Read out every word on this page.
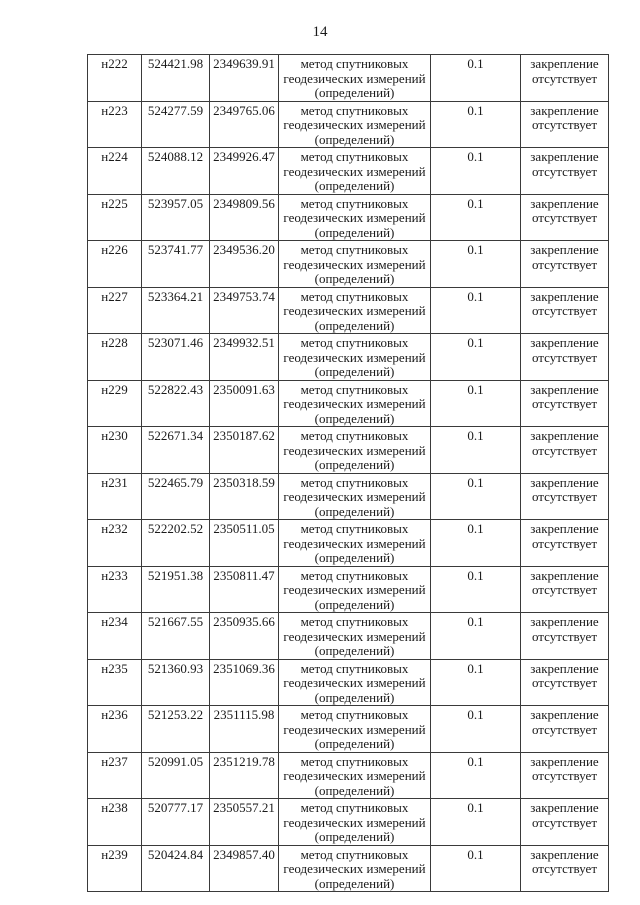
14
н222	524421.98	2349639.91	метод спутниковых геодезических измерений (определений)	0.1	закрепление отсутствует
н223	524277.59	2349765.06	метод спутниковых геодезических измерений (определений)	0.1	закрепление отсутствует
н224	524088.12	2349926.47	метод спутниковых геодезических измерений (определений)	0.1	закрепление отсутствует
н225	523957.05	2349809.56	метод спутниковых геодезических измерений (определений)	0.1	закрепление отсутствует
н226	523741.77	2349536.20	метод спутниковых геодезических измерений (определений)	0.1	закрепление отсутствует
н227	523364.21	2349753.74	метод спутниковых геодезических измерений (определений)	0.1	закрепление отсутствует
н228	523071.46	2349932.51	метод спутниковых геодезических измерений (определений)	0.1	закрепление отсутствует
н229	522822.43	2350091.63	метод спутниковых геодезических измерений (определений)	0.1	закрепление отсутствует
н230	522671.34	2350187.62	метод спутниковых геодезических измерений (определений)	0.1	закрепление отсутствует
н231	522465.79	2350318.59	метод спутниковых геодезических измерений (определений)	0.1	закрепление отсутствует
н232	522202.52	2350511.05	метод спутниковых геодезических измерений (определений)	0.1	закрепление отсутствует
н233	521951.38	2350811.47	метод спутниковых геодезических измерений (определений)	0.1	закрепление отсутствует
н234	521667.55	2350935.66	метод спутниковых геодезических измерений (определений)	0.1	закрепление отсутствует
н235	521360.93	2351069.36	метод спутниковых геодезических измерений (определений)	0.1	закрепление отсутствует
н236	521253.22	2351115.98	метод спутниковых геодезических измерений (определений)	0.1	закрепление отсутствует
н237	520991.05	2351219.78	метод спутниковых геодезических измерений (определений)	0.1	закрепление отсутствует
н238	520777.17	2350557.21	метод спутниковых геодезических измерений (определений)	0.1	закрепление отсутствует
н239	520424.84	2349857.40	метод спутниковых геодезических измерений (определений)	0.1	закрепление отсутствует
